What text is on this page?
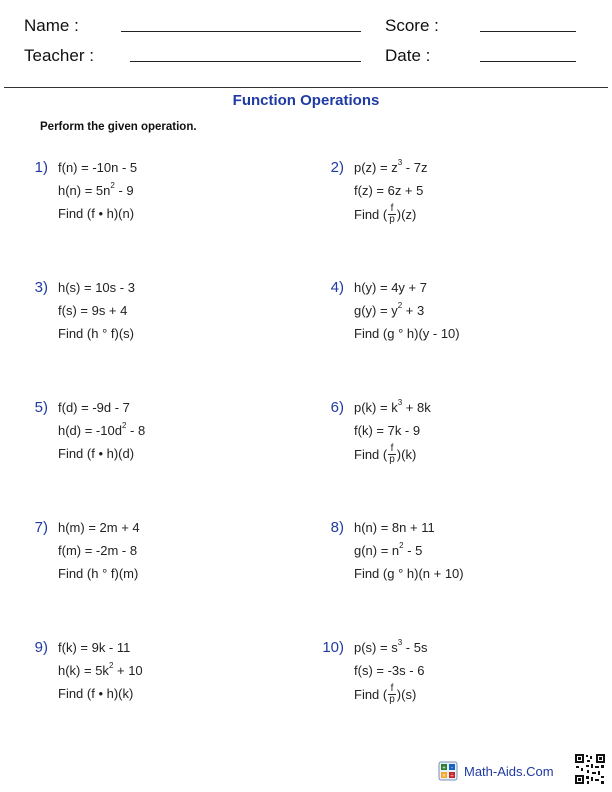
Name :
Teacher :
Score :
Date :
Function Operations
Perform the given operation.
1) f(n) = -10n - 5
$h(n) = 5n^2 - 9$
Find (f • h)(n)
2) $p(z) = z^3 - 7z$
f(z) = 6z + 5
Find ( $\frac{f}{p} )(z)$
3) h(s) = 10s - 3
f(s) = 9s + 4
Find (h ° f)(s)
4) h(y) = 4y + 7
$g(y) = y^2 + 3$
Find (g ° h)(y - 10)
5) f(d) = -9d - 7
$h(d) = -10d^2 - 8$
Find (f • h)(d)
6) $p(k) = k^3 + 8k$
f(k) = 7k - 9
Find ( $\frac{f}{p} )(k)$
7) h(m) = 2m + 4
f(m) = -2m - 8
Find (h ° f)(m)
8) h(n) = 8n + 11
$g(n) = n^2 - 5$
Find (g ° h)(n + 10)
9) f(k) = 9k - 11
$h(k) = 5k^2 + 10$
Find (f • h)(k)
10) $p(s) = s^3 - 5s$
f(s) = -3s - 6
Find ( $\frac{f}{p} )(s)$
+ -
× ÷ Math-Aids.Com
